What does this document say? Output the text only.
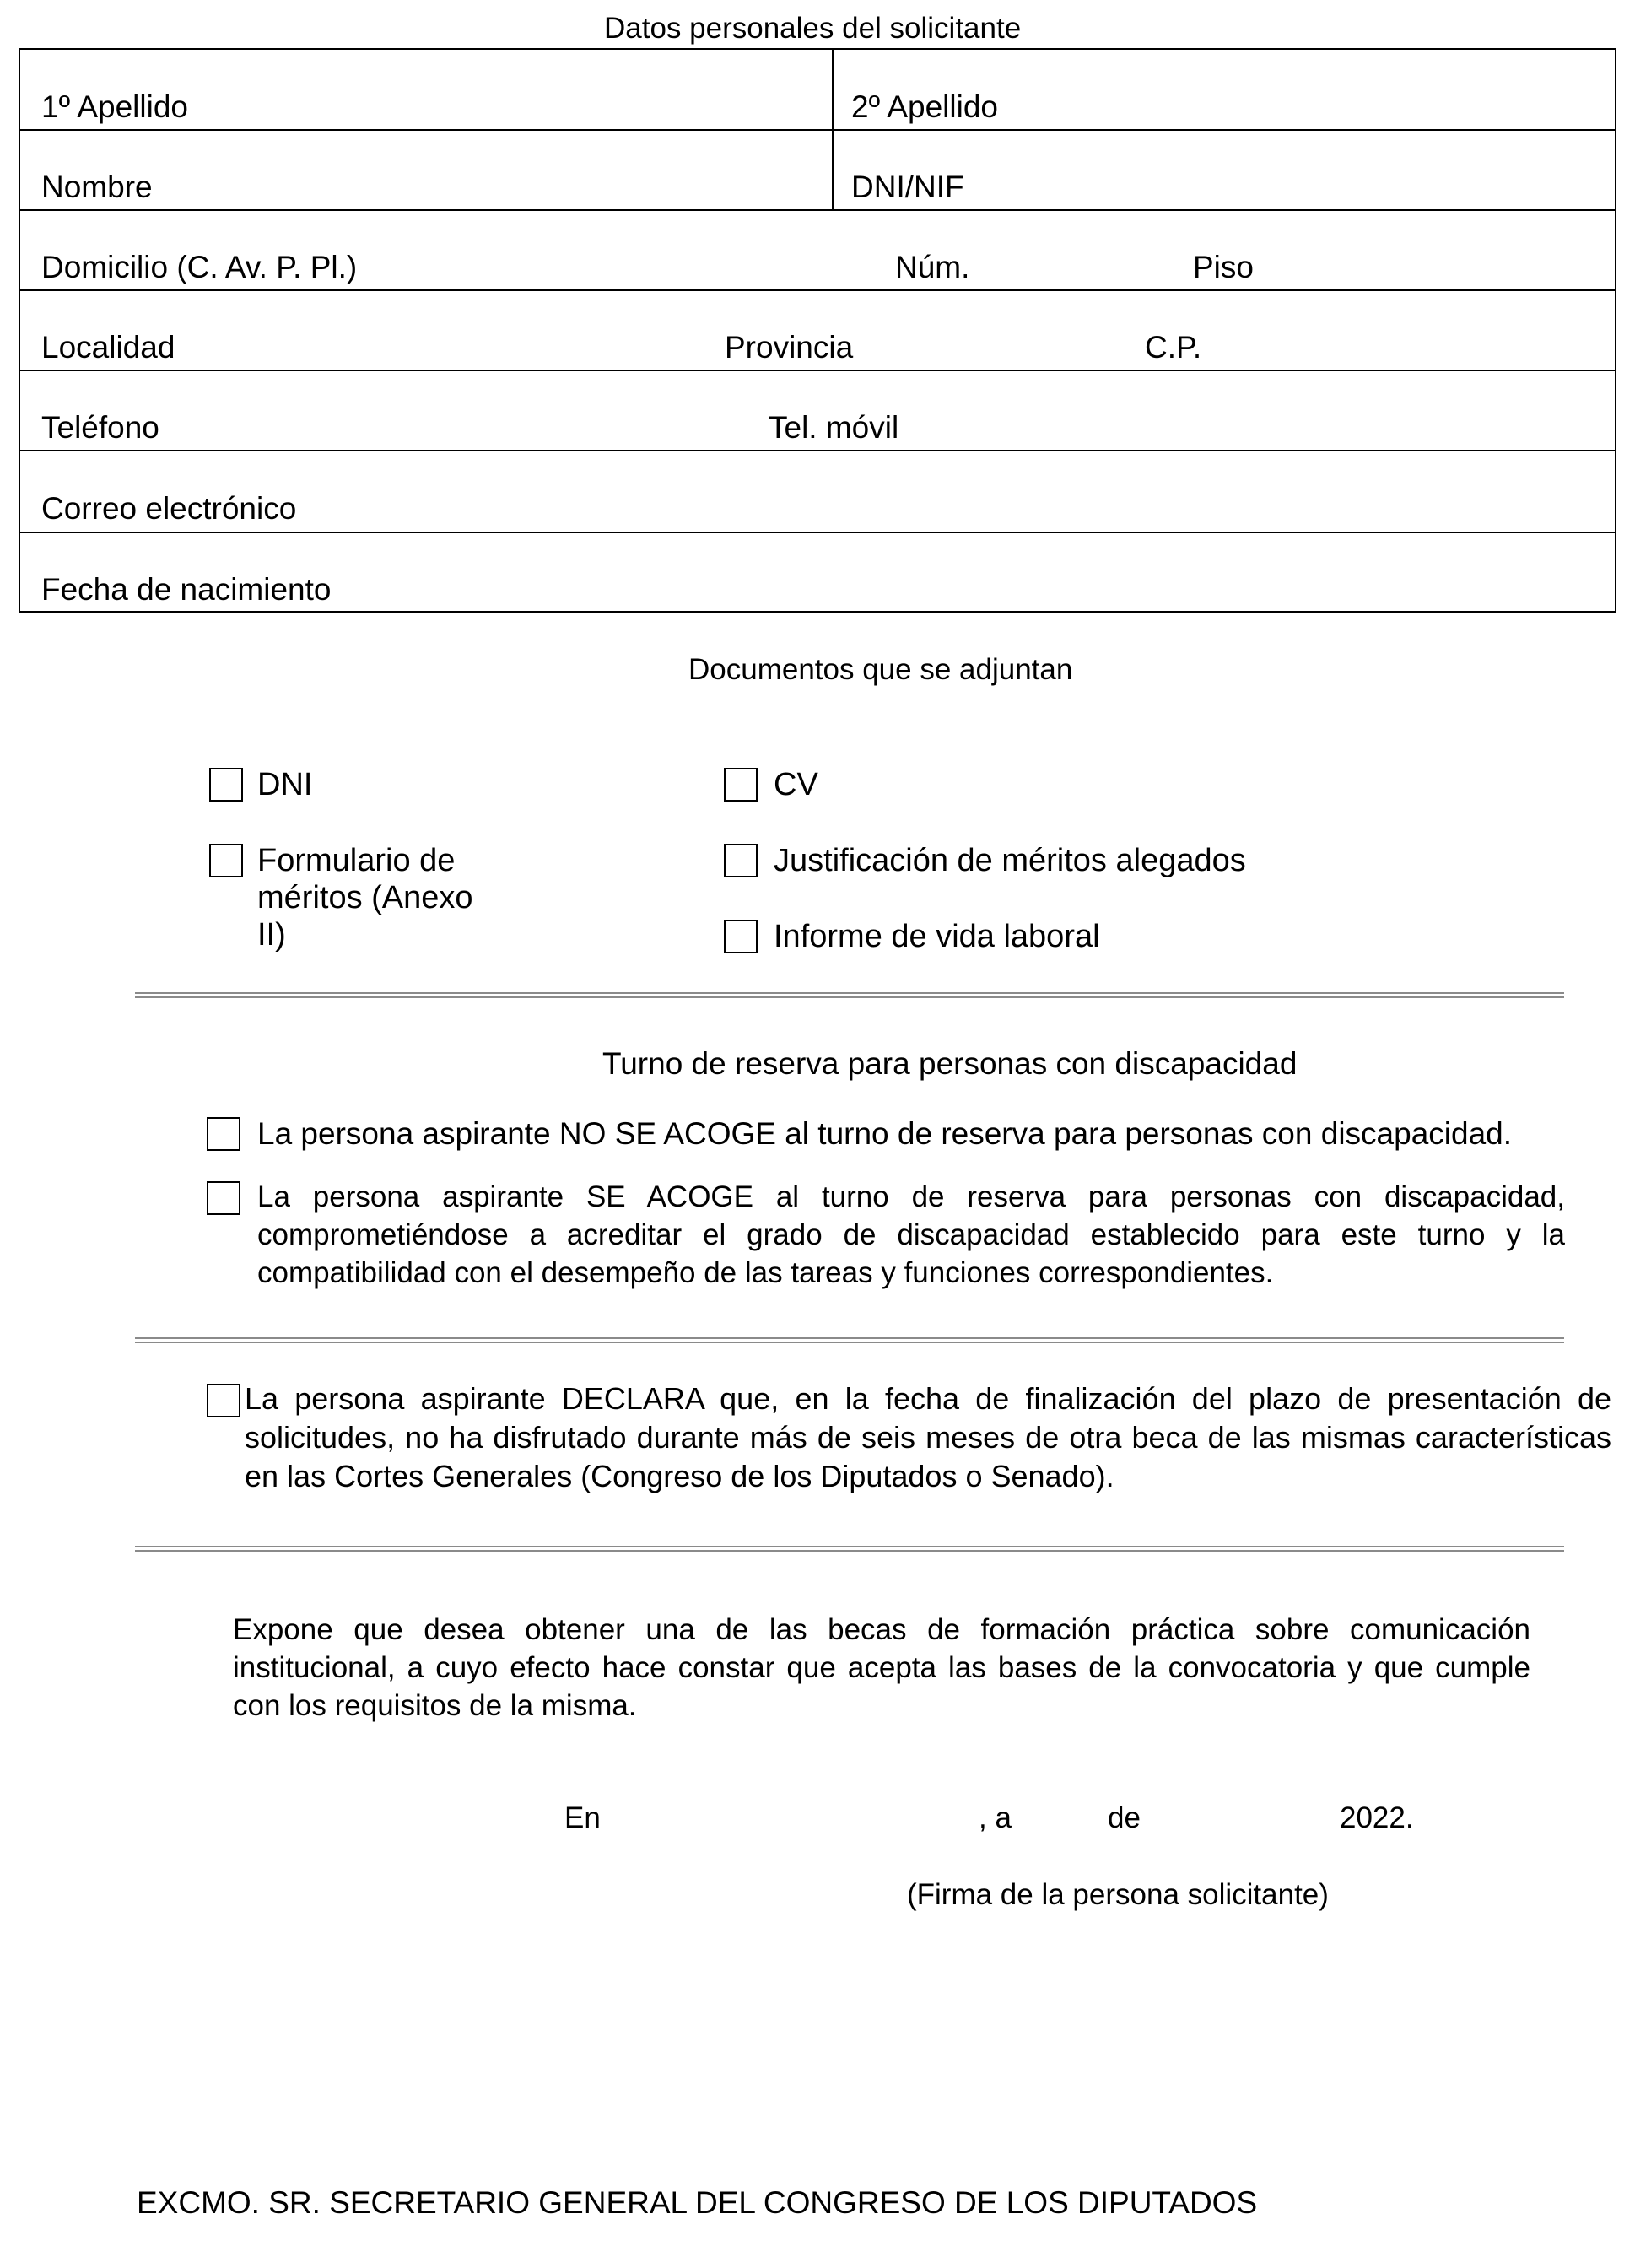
Datos personales del solicitante
1º Apellido	2º Apellido
Nombre	DNI/NIF
Domicilio (C. Av. P. Pl.)	Núm.	Piso
Localidad	Provincia	C.P.
Teléfono	Tel. móvil
Correo electrónico
Fecha de nacimiento
Documentos que se adjuntan
DNI	CV
Formulario de
méritos (Anexo
II)
Justificación de méritos alegados
Informe de vida laboral
Turno de reserva para personas con discapacidad
La persona aspirante NO SE ACOGE al turno de reserva para personas con discapacidad.
La persona aspirante SE ACOGE al turno de reserva para personas con discapacidad, comprometiéndose a acreditar el grado de discapacidad establecido para este turno y la compatibilidad con el desempeño de las tareas y funciones correspondientes.
La persona aspirante DECLARA que, en la fecha de finalización del plazo de presentación de solicitudes, no ha disfrutado durante más de seis meses de otra beca de las mismas características en las Cortes Generales (Congreso de los Diputados o Senado).
Expone que desea obtener una de las becas de formación práctica sobre comunicación institucional, a cuyo efecto hace constar que acepta las bases de la convocatoria y que cumple con los requisitos de la misma.
En	, a	de	2022.
(Firma de la persona solicitante)
EXCMO. SR. SECRETARIO GENERAL DEL CONGRESO DE LOS DIPUTADOS
